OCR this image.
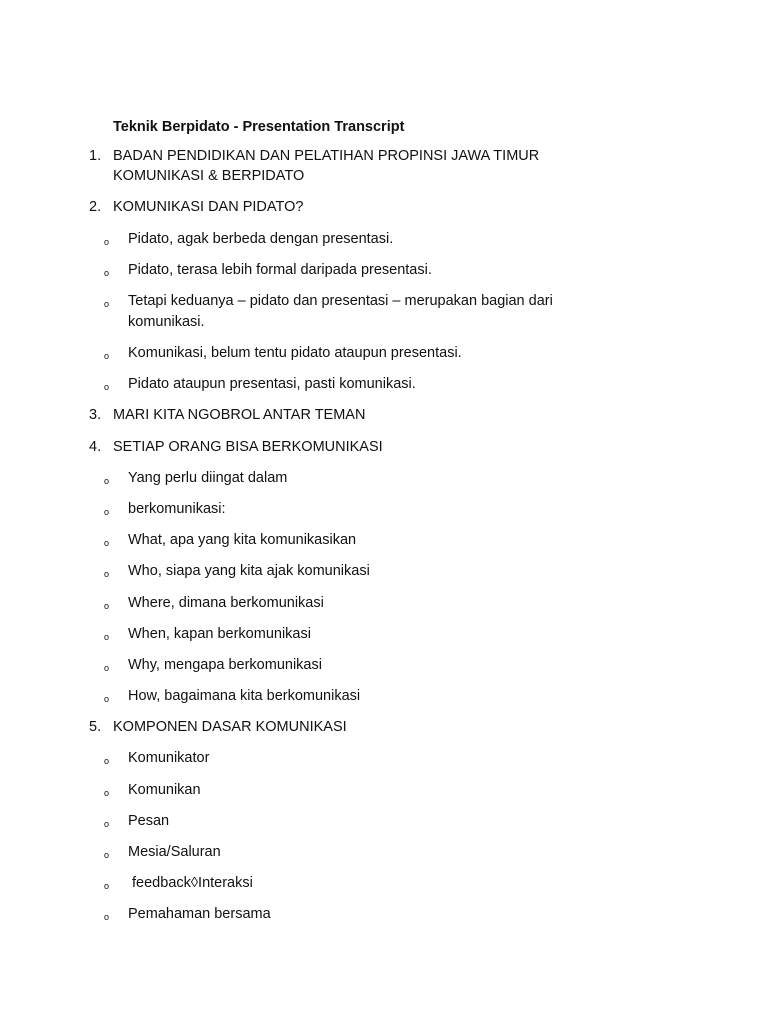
Teknik Berpidato - Presentation Transcript
1. BADAN PENDIDIKAN DAN PELATIHAN PROPINSI JAWA TIMUR
KOMUNIKASI & BERPIDATO
2. KOMUNIKASI DAN PIDATO?
o Pidato, agak berbeda dengan presentasi.
o Pidato, terasa lebih formal daripada presentasi.
o Tetapi keduanya – pidato dan presentasi – merupakan bagian dari
komunikasi.
o Komunikasi, belum tentu pidato ataupun presentasi.
o Pidato ataupun presentasi, pasti komunikasi.
3. MARI KITA NGOBROL ANTAR TEMAN
4. SETIAP ORANG BISA BERKOMUNIKASI
o Yang perlu diingat dalam
o berkomunikasi:
o What, apa yang kita komunikasikan
o Who, siapa yang kita ajak komunikasi
o Where, dimana berkomunikasi
o When, kapan berkomunikasi
o Why, mengapa berkomunikasi
o How, bagaimana kita berkomunikasi
5. KOMPONEN DASAR KOMUNIKASI
o Komunikator
o Komunikan
o Pesan
o Mesia/Saluran
o feedback◊Interaksi
o Pemahaman bersama
